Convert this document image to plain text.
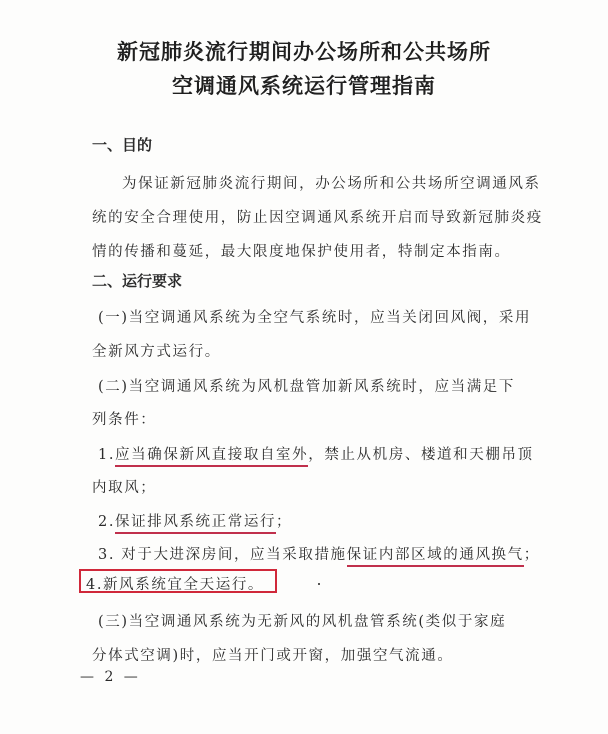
新冠肺炎流行期间办公场所和公共场所
空调通风系统运行管理指南
一、目的
为保证新冠肺炎流行期间，办公场所和公共场所空调通风系
统的安全合理使用，防止因空调通风系统开启而导致新冠肺炎疫
情的传播和蔓延，最大限度地保护使用者，特制定本指南。
二、运行要求
(一)当空调通风系统为全空气系统时，应当关闭回风阀，采用
全新风方式运行。
(二)当空调通风系统为风机盘管加新风系统时，应当满足下
列条件：
1.应当确保新风直接取自室外，禁止从机房、楼道和天棚吊顶
内取风；
2.保证排风系统正常运行；
3. 对于大进深房间，应当采取措施保证内部区域的通风换气；
4.新风系统宜全天运行。
(三)当空调通风系统为无新风的风机盘管系统(类似于家庭
分体式空调)时，应当开门或开窗，加强空气流通。
— 2 —
